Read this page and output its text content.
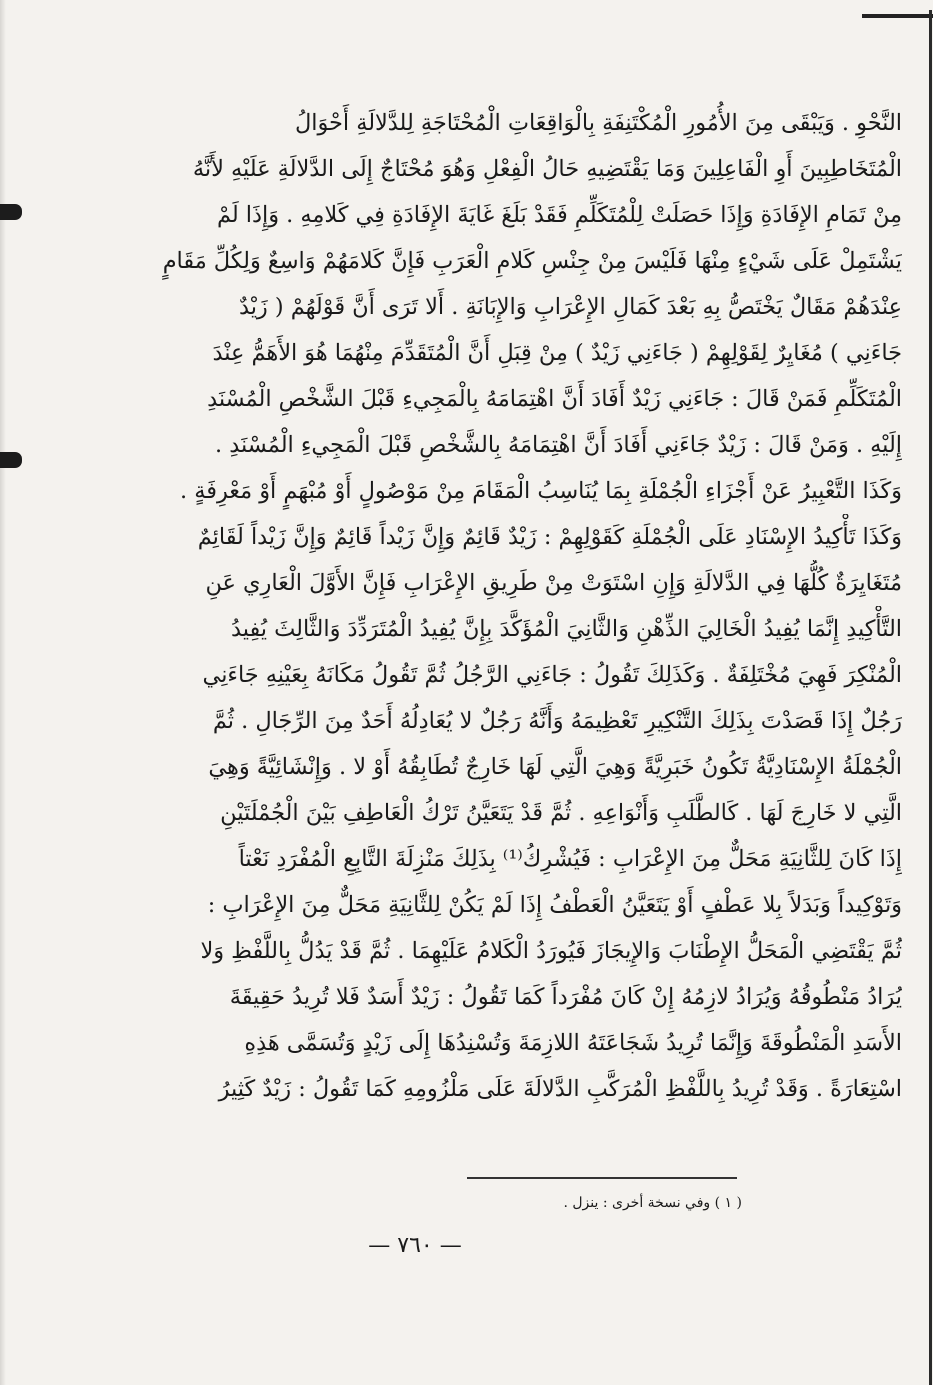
النَّحْوِ . وَيَبْقَى مِنَ الأُمُورِ الْمُكْتَنِفَةِ بِالْوَاقِعَاتِ الْمُحْتَاجَةِ لِلدَّلالَةِ أَحْوَالُ
الْمُتَخَاطِبِينَ أَوِ الْفَاعِلِينَ وَمَا يَقْتَضِيهِ حَالُ الْفِعْلِ وَهُوَ مُحْتَاجٌ إِلَى الدَّلالَةِ عَلَيْهِ لأَنَّهُ
مِنْ تَمَامِ الإِفَادَةِ وَإِذَا حَصَلَتْ لِلْمُتَكَلِّمِ فَقَدْ بَلَغَ غَايَةَ الإِفَادَةِ فِي كَلامِهِ . وَإِذَا لَمْ
يَشْتَمِلْ عَلَى شَيْءٍ مِنْهَا فَلَيْسَ مِنْ جِنْسِ كَلامِ الْعَرَبِ فَإِنَّ كَلامَهُمْ وَاسِعٌ وَلِكُلِّ مَقَامٍ
عِنْدَهُمْ مَقَالٌ يَخْتَصُّ بِهِ بَعْدَ كَمَالِ الإِعْرَابِ وَالإِبَانَةِ . أَلا تَرَى أَنَّ قَوْلَهُمْ ( زَيْدٌ
جَاءَنِي ) مُغَايِرٌ لِقَوْلِهِمْ ( جَاءَنِي زَيْدٌ ) مِنْ قِبَلِ أَنَّ الْمُتَقَدِّمَ مِنْهُمَا هُوَ الأَهَمُّ عِنْدَ
الْمُتَكَلِّمِ فَمَنْ قَالَ : جَاءَنِي زَيْدٌ أَفَادَ أَنَّ اهْتِمَامَهُ بِالْمَجِيءِ قَبْلَ الشَّخْصِ الْمُسْنَدِ
إِلَيْهِ . وَمَنْ قَالَ : زَيْدٌ جَاءَنِي أَفَادَ أَنَّ اهْتِمَامَهُ بِالشَّخْصِ قَبْلَ الْمَجِيءِ الْمُسْنَدِ .
وَكَذَا التَّعْبِيرُ عَنْ أَجْزَاءِ الْجُمْلَةِ بِمَا يُنَاسِبُ الْمَقَامَ مِنْ مَوْصُولٍ أَوْ مُبْهَمٍ أَوْ مَعْرِفَةٍ .
وَكَذَا تَأْكِيدُ الإِسْنَادِ عَلَى الْجُمْلَةِ كَقَوْلِهِمْ : زَيْدٌ قَائِمٌ وَإِنَّ زَيْداً قَائِمٌ وَإِنَّ زَيْداً لَقَائِمٌ
مُتَغَايِرَةٌ كُلُّهَا فِي الدَّلالَةِ وَإِنِ اسْتَوَتْ مِنْ طَرِيقِ الإِعْرَابِ فَإِنَّ الأَوَّلَ الْعَارِي عَنِ
التَّأْكِيدِ إِنَّمَا يُفِيدُ الْخَالِيَ الذِّهْنِ وَالثَّانِيَ الْمُؤَكَّدَ بِإِنَّ يُفِيدُ الْمُتَرَدِّدَ وَالثَّالِثَ يُفِيدُ
الْمُنْكِرَ فَهِيَ مُخْتَلِفَةٌ . وَكَذَلِكَ تَقُولُ : جَاءَنِي الرَّجُلُ ثُمَّ تَقُولُ مَكَانَهُ بِعَيْنِهِ جَاءَنِي
رَجُلٌ إِذَا قَصَدْتَ بِذَلِكَ التَّنْكِيرِ تَعْظِيمَهُ وَأَنَّهُ رَجُلٌ لا يُعَادِلُهُ أَحَدٌ مِنَ الرِّجَالِ . ثُمَّ
الْجُمْلَةُ الإِسْنَادِيَّةُ تَكُونُ خَبَرِيَّةً وَهِيَ الَّتِي لَهَا خَارِجٌ تُطَابِقُهُ أَوْ لا . وَإِنْشَائِيَّةً وَهِيَ
الَّتِي لا خَارِجَ لَهَا . كَالطَّلَبِ وَأَنْوَاعِهِ . ثُمَّ قَدْ يَتَعَيَّنُ تَرْكُ الْعَاطِفِ بَيْنَ الْجُمْلَتَيْنِ
إِذَا كَانَ لِلثَّانِيَةِ مَحَلٌّ مِنَ الإِعْرَابِ : فَيُشْرِكُ⁽¹⁾ بِذَلِكَ مَنْزِلَةَ التَّابِعِ الْمُفْرَدِ نَعْتاً
وَتَوْكِيداً وَبَدَلاً بِلا عَطْفٍ أَوْ يَتَعَيَّنُ الْعَطْفُ إِذَا لَمْ يَكُنْ لِلثَّانِيَةِ مَحَلٌّ مِنَ الإِعْرَابِ :
ثُمَّ يَقْتَضِي الْمَحَلُّ الإِطْنَابَ وَالإِيجَازَ فَيُورَدُ الْكَلامُ عَلَيْهِمَا . ثُمَّ قَدْ يَدُلُّ بِاللَّفْظِ وَلا
يُرَادُ مَنْطُوقُهُ وَيُرَادُ لازِمُهُ إِنْ كَانَ مُفْرَداً كَمَا تَقُولُ : زَيْدٌ أَسَدٌ فَلا تُرِيدُ حَقِيقَةَ
الأَسَدِ الْمَنْطُوقَةَ وَإِنَّمَا تُرِيدُ شَجَاعَتَهُ اللازِمَةَ وَتُسْنِدُهَا إِلَى زَيْدٍ وَتُسَمَّى هَذِهِ
اسْتِعَارَةً . وَقَدْ تُرِيدُ بِاللَّفْظِ الْمُرَكَّبِ الدَّلالَةَ عَلَى مَلْزُومِهِ كَمَا تَقُولُ : زَيْدٌ كَثِيرُ
( ١ ) وفي نسخة أخرى : ينزل .
— ٧٦٠ —
